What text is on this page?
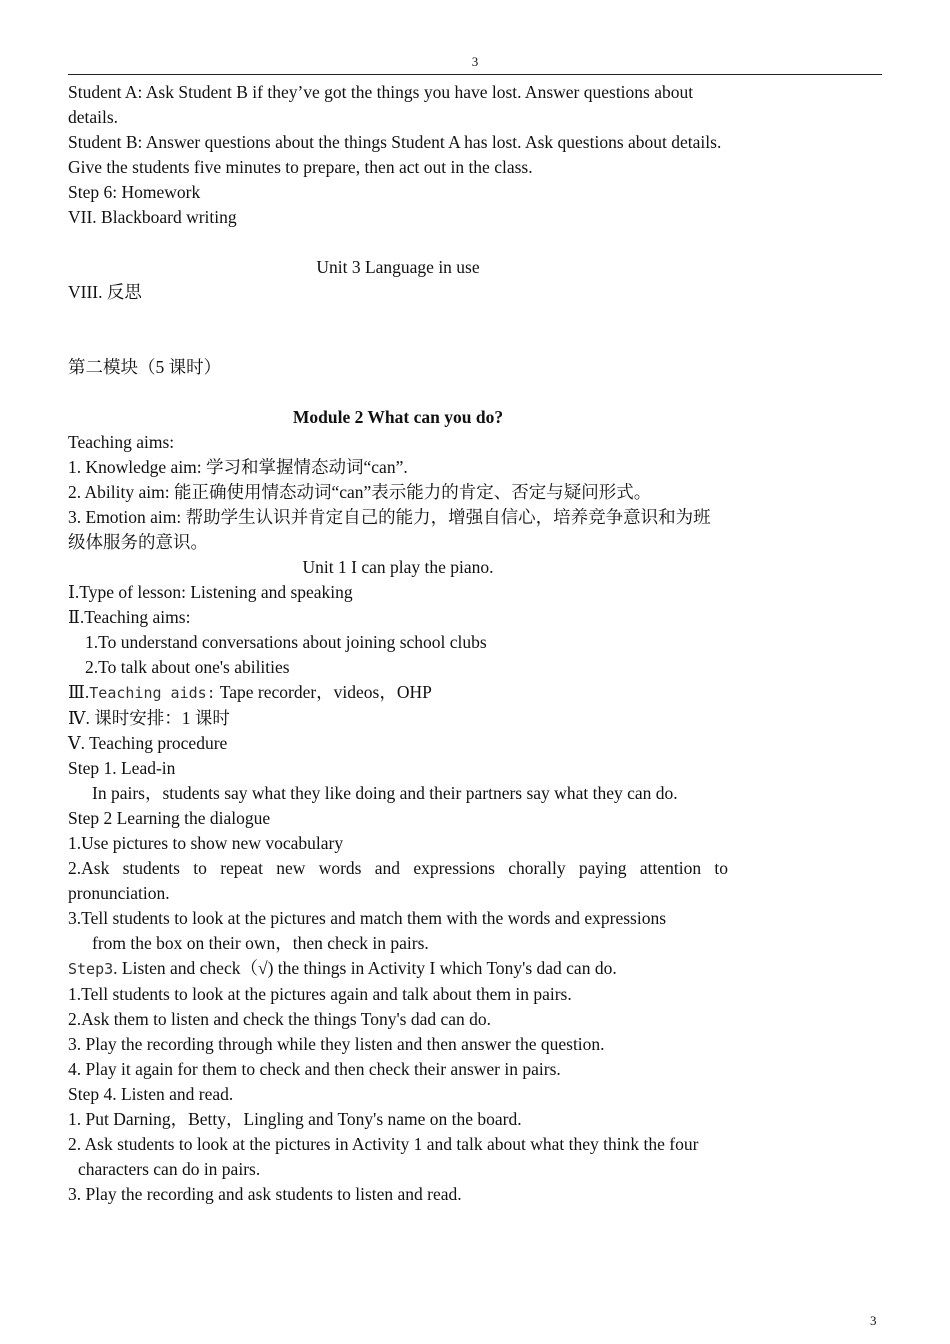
3
Student A: Ask Student B if they’ve got the things you have lost. Answer questions about details.
Student B: Answer questions about the things Student A has lost. Ask questions about details.
Give the students five minutes to prepare, then act out in the class.
Step 6: Homework
VII. Blackboard writing
Unit 3 Language in use
VIII. 反思
第二模块（5 课时）
Module 2 What can you do?
Teaching aims:
1. Knowledge aim: 学习和掌握情态动词“can”.
2. Ability aim: 能正确使用情态动词“can”表示能力的肯定、否定与疑问形式。
3. Emotion aim: 帮助学生认识并肯定自己的能力，增强自信心，培养竞争意识和为班级体服务的意识。
Unit 1 I can play the piano.
Ⅰ.Type of lesson: Listening and speaking
Ⅱ.Teaching aims:
1.To understand conversations about joining school clubs
2.To talk about one's abilities
Ⅲ.Teaching aids: Tape recorder，videos，OHP
Ⅳ. 课时安排：1 课时
Ⅴ. Teaching procedure
Step 1. Lead-in
In pairs，students say what they like doing and their partners say what they can do.
Step 2 Learning the dialogue
1.Use pictures to show new vocabulary
2.Ask students to repeat new words and expressions chorally paying attention to pronunciation.
3.Tell students to look at the pictures and match them with the words and expressions
from the box on their own，then check in pairs.
Step3. Listen and check（√) the things in Activity I which Tony's dad can do.
1.Tell students to look at the pictures again and talk about them in pairs.
2.Ask them to listen and check the things Tony's dad can do.
3. Play the recording through while they listen and then answer the question.
4. Play it again for them to check and then check their answer in pairs.
Step 4. Listen and read.
1. Put Darning，Betty，Lingling and Tony's name on the board.
2. Ask students to look at the pictures in Activity 1 and talk about what they think the four
characters can do in pairs.
3. Play the recording and ask students to listen and read.
3
